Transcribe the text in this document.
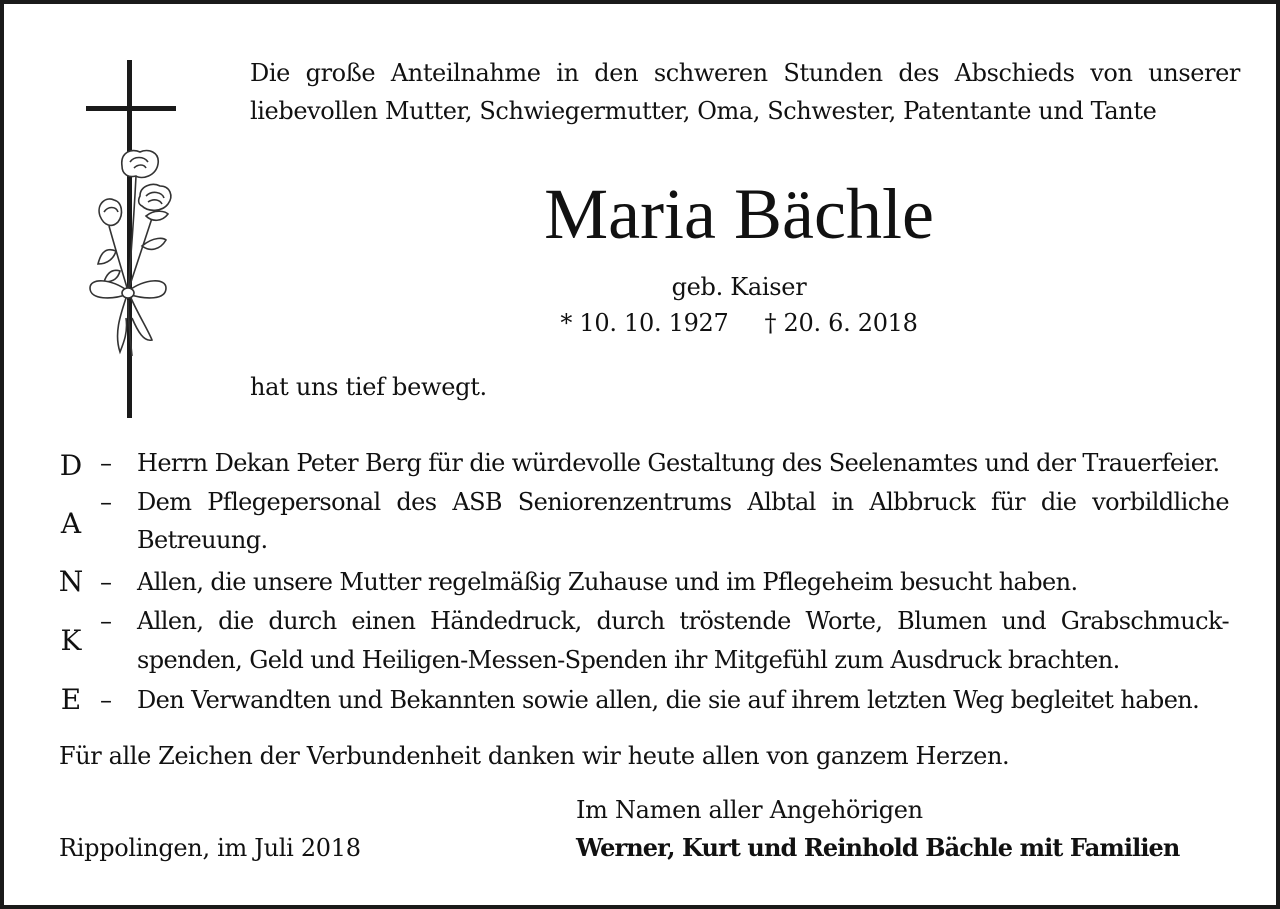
Die große Anteilnahme in den schweren Stunden des Abschieds von unserer liebevollen Mutter, Schwiegermutter, Oma, Schwester, Patentante und Tante
Maria Bächle
geb. Kaiser
* 10. 10. 1927 † 20. 6. 2018
hat uns tief bewegt.
D
A
N
K
E
–
–
–
–
–
Herrn Dekan Peter Berg für die würdevolle Gestaltung des Seelenamtes und der Trauerfeier.
Dem Pflegepersonal des ASB Seniorenzentrums Albtal in Albbruck für die vorbildliche
Betreuung.
Allen, die unsere Mutter regelmäßig Zuhause und im Pflegeheim besucht haben.
Allen, die durch einen Händedruck, durch tröstende Worte, Blumen und Grabschmuck-
spenden, Geld und Heiligen-Messen-Spenden ihr Mitgefühl zum Ausdruck brachten.
Den Verwandten und Bekannten sowie allen, die sie auf ihrem letzten Weg begleitet haben.
Für alle Zeichen der Verbundenheit danken wir heute allen von ganzem Herzen.
Im Namen aller Angehörigen
Rippolingen, im Juli 2018	Werner, Kurt und Reinhold Bächle mit Familien
